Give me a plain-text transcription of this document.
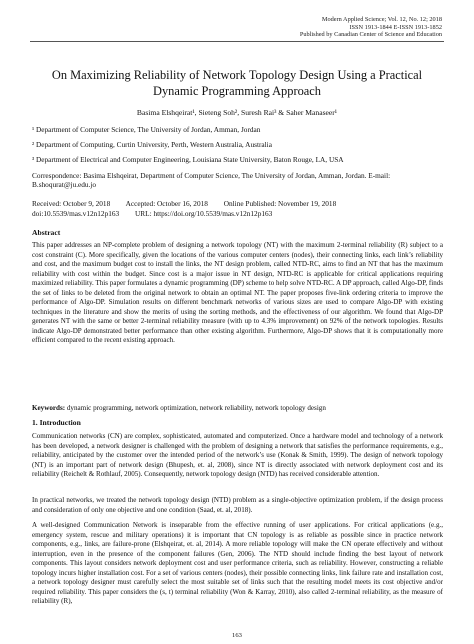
Modern Applied Science; Vol. 12, No. 12; 2018
ISSN 1913-1844 E-ISSN 1913-1852
Published by Canadian Center of Science and Education
On Maximizing Reliability of Network Topology Design Using a Practical Dynamic Programming Approach
Basima Elshqeirat¹, Sieteng Soh², Suresh Rai³ & Saher Manaseer¹
¹ Department of Computer Science, The University of Jordan, Amman, Jordan
² Department of Computing, Curtin University, Perth, Western Australia, Australia
³ Department of Electrical and Computer Engineering, Louisiana State University, Baton Rouge, LA, USA
Correspondence: Basima Elshqeirat, Department of Computer Science, The University of Jordan, Amman, Jordan. E-mail: B.shoqurat@ju.edu.jo
Received: October 9, 2018 Accepted: October 16, 2018 Online Published: November 19, 2018
doi:10.5539/mas.v12n12p163 URL: https://doi.org/10.5539/mas.v12n12p163
Abstract
This paper addresses an NP-complete problem of designing a network topology (NT) with the maximum 2-terminal reliability (R) subject to a cost constraint (C). More specifically, given the locations of the various computer centers (nodes), their connecting links, each link’s reliability and cost, and the maximum budget cost to install the links, the NT design problem, called NTD-RC, aims to find an NT that has the maximum reliability with cost within the budget. Since cost is a major issue in NT design, NTD-RC is applicable for critical applications requiring maximized reliability. This paper formulates a dynamic programming (DP) scheme to help solve NTD-RC. A DP approach, called Algo-DP, finds the set of links to be deleted from the original network to obtain an optimal NT. The paper proposes five-link ordering criteria to improve the performance of Algo-DP. Simulation results on different benchmark networks of various sizes are used to compare Algo-DP with existing techniques in the literature and show the merits of using the sorting methods, and the effectiveness of our algorithm. We found that Algo-DP generates NT with the same or better 2-terminal reliability measure (with up to 4.3% improvement) on 92% of the network topologies. Results indicate Algo-DP demonstrated better performance than other existing algorithm. Furthermore, Algo-DP shows that it is computationally more efficient compared to the recent existing approach.
Keywords: dynamic programming, network optimization, network reliability, network topology design
1. Introduction
Communication networks (CN) are complex, sophisticated, automated and computerized. Once a hardware model and technology of a network has been developed, a network designer is challenged with the problem of designing a network that satisfies the performance requirements, e.g., reliability, anticipated by the customer over the intended period of the network’s use (Konak & Smith, 1999). The design of network topology (NT) is an important part of network design (Bhupesh, et. al, 2008), since NT is directly associated with network deployment cost and its reliability (Reichelt & Rothlauf, 2005). Consequently, network topology design (NTD) has received considerable attention.
In practical networks, we treated the network topology design (NTD) problem as a single-objective optimization problem, if the design process and consideration of only one objective and one condition (Saad, et. al, 2018).
A well-designed Communication Network is inseparable from the effective running of user applications. For critical applications (e.g., emergency system, rescue and military operations) it is important that CN topology is as reliable as possible since in practice network components, e.g., links, are failure-prone (Elshqeirat, et. al, 2014). A more reliable topology will make the CN operate effectively and without interruption, even in the presence of the component failures (Gen, 2006). The NTD should include finding the best layout of network components. This layout considers network deployment cost and user performance criteria, such as reliability. However, constructing a reliable topology incurs higher installation cost. For a set of various centers (nodes), their possible connecting links, link failure rate and installation cost, a network topology designer must carefully select the most suitable set of links such that the resulting model meets its cost objective and/or required reliability. This paper considers the (s, t) terminal reliability (Won & Karray, 2010), also called 2-terminal reliability, as the measure of reliability (R),
163
